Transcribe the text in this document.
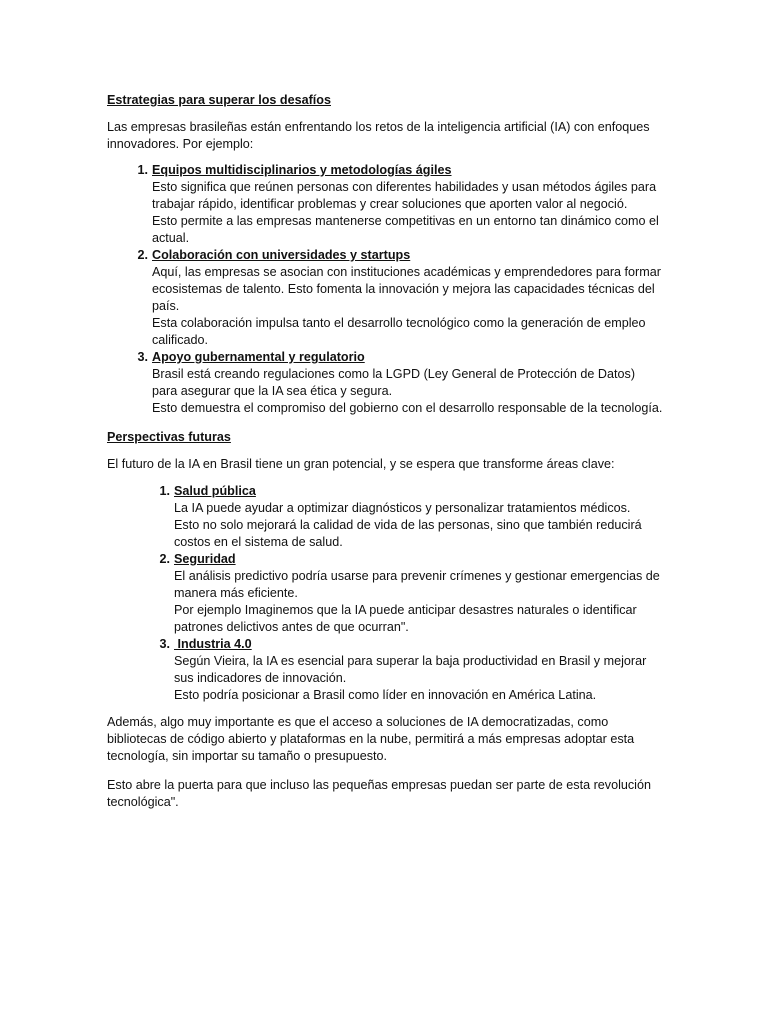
Estrategias para superar los desafíos
Las empresas brasileñas están enfrentando los retos de la inteligencia artificial (IA) con enfoques
innovadores. Por ejemplo:
1. Equipos multidisciplinarios y metodologías ágiles
Esto significa que reúnen personas con diferentes habilidades y usan métodos ágiles para
trabajar rápido, identificar problemas y crear soluciones que aporten valor al negoció.
Esto permite a las empresas mantenerse competitivas en un entorno tan dinámico como el
actual.
2. Colaboración con universidades y startups
Aquí, las empresas se asocian con instituciones académicas y emprendedores para formar
ecosistemas de talento. Esto fomenta la innovación y mejora las capacidades técnicas del
país.
Esta colaboración impulsa tanto el desarrollo tecnológico como la generación de empleo
calificado.
3. Apoyo gubernamental y regulatorio
Brasil está creando regulaciones como la LGPD (Ley General de Protección de Datos)
para asegurar que la IA sea ética y segura.
Esto demuestra el compromiso del gobierno con el desarrollo responsable de la tecnología.
Perspectivas futuras
El futuro de la IA en Brasil tiene un gran potencial, y se espera que transforme áreas clave:
1. Salud pública
La IA puede ayudar a optimizar diagnósticos y personalizar tratamientos médicos.
Esto no solo mejorará la calidad de vida de las personas, sino que también reducirá
costos en el sistema de salud.
2. Seguridad
El análisis predictivo podría usarse para prevenir crímenes y gestionar emergencias de
manera más eficiente.
Por ejemplo Imaginemos que la IA puede anticipar desastres naturales o identificar
patrones delictivos antes de que ocurran".
3. Industria 4.0
Según Vieira, la IA es esencial para superar la baja productividad en Brasil y mejorar
sus indicadores de innovación.
Esto podría posicionar a Brasil como líder en innovación en América Latina.
Además, algo muy importante es que el acceso a soluciones de IA democratizadas, como
bibliotecas de código abierto y plataformas en la nube, permitirá a más empresas adoptar esta
tecnología, sin importar su tamaño o presupuesto.
Esto abre la puerta para que incluso las pequeñas empresas puedan ser parte de esta revolución
tecnológica".
